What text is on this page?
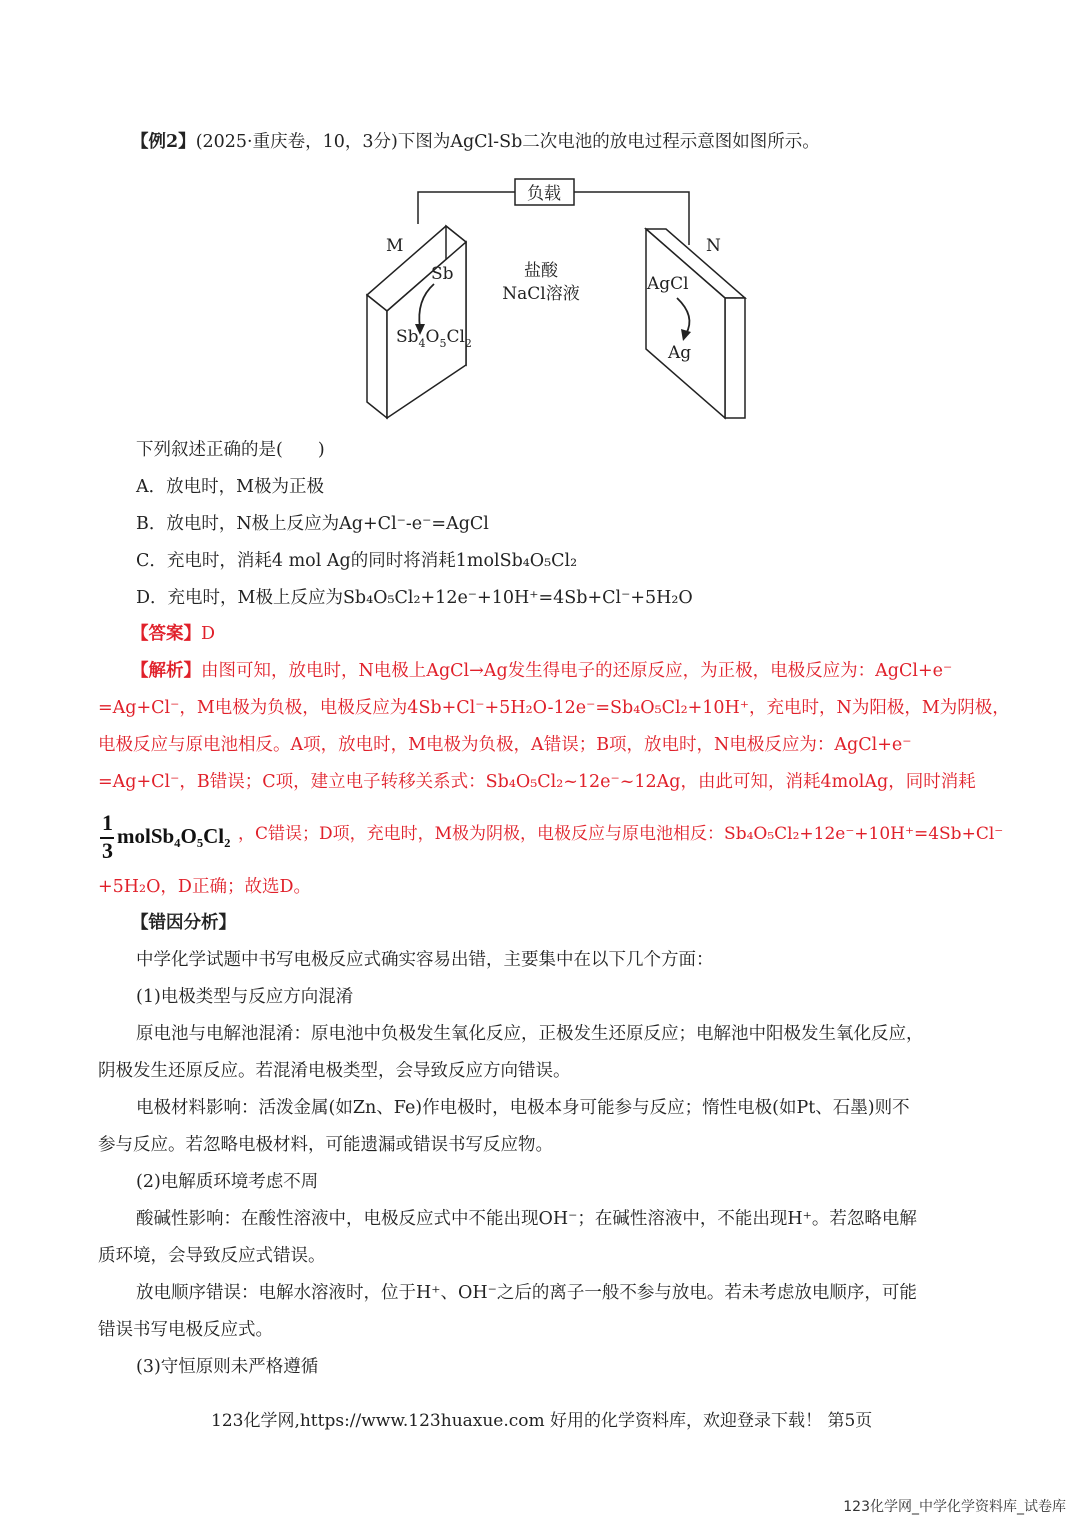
【例2】(2025·重庆卷，10，3分)下图为AgCl-Sb二次电池的放电过程示意图如图所示。
负载
M
Sb
$Sb_4O_5Cl_2$
盐酸
NaCl溶液
N
AgCl
Ag
下列叙述正确的是(　　)
A．放电时，M极为正极
B．放电时，N极上反应为Ag+Cl⁻-e⁻=AgCl
C．充电时，消耗4 mol Ag的同时将消耗1molSb₄O₅Cl₂
D．充电时，M极上反应为Sb₄O₅Cl₂+12e⁻+10H⁺=4Sb+Cl⁻+5H₂O
【答案】D
【解析】由图可知，放电时，N电极上AgCl→Ag发生得电子的还原反应，为正极，电极反应为：AgCl+e⁻
=Ag+Cl⁻，M电极为负极，电极反应为4Sb+Cl⁻+5H₂O-12e⁻=Sb₄O₅Cl₂+10H⁺，充电时，N为阳极，M为阴极，
电极反应与原电池相反。A项，放电时，M电极为负极，A错误；B项，放电时，N电极反应为：AgCl+e⁻
=Ag+Cl⁻，B错误；C项，建立电子转移关系式：Sb₄O₅Cl₂~12e⁻~12Ag，由此可知，消耗4molAg，同时消耗
1
3
molSb₄O₅Cl₂ ，C错误；D项，充电时，M极为阴极，电极反应与原电池相反：Sb₄O₅Cl₂+12e⁻+10H⁺=4Sb+Cl⁻
+5H₂O，D正确；故选D。
【错因分析】
中学化学试题中书写电极反应式确实容易出错，主要集中在以下几个方面：
(1)电极类型与反应方向混淆
原电池与电解池混淆：原电池中负极发生氧化反应，正极发生还原反应；电解池中阳极发生氧化反应，
阴极发生还原反应。若混淆电极类型，会导致反应方向错误。
电极材料影响：活泼金属(如Zn、Fe)作电极时，电极本身可能参与反应；惰性电极(如Pt、石墨)则不
参与反应。若忽略电极材料，可能遗漏或错误书写反应物。
(2)电解质环境考虑不周
酸碱性影响：在酸性溶液中，电极反应式中不能出现OH⁻；在碱性溶液中，不能出现H⁺。若忽略电解
质环境，会导致反应式错误。
放电顺序错误：电解水溶液时，位于H⁺、OH⁻之后的离子一般不参与放电。若未考虑放电顺序，可能
错误书写电极反应式。
(3)守恒原则未严格遵循
123化学网,https://www.123huaxue.com 好用的化学资料库，欢迎登录下载！ 第5页
123化学网_中学化学资料库_试卷库
